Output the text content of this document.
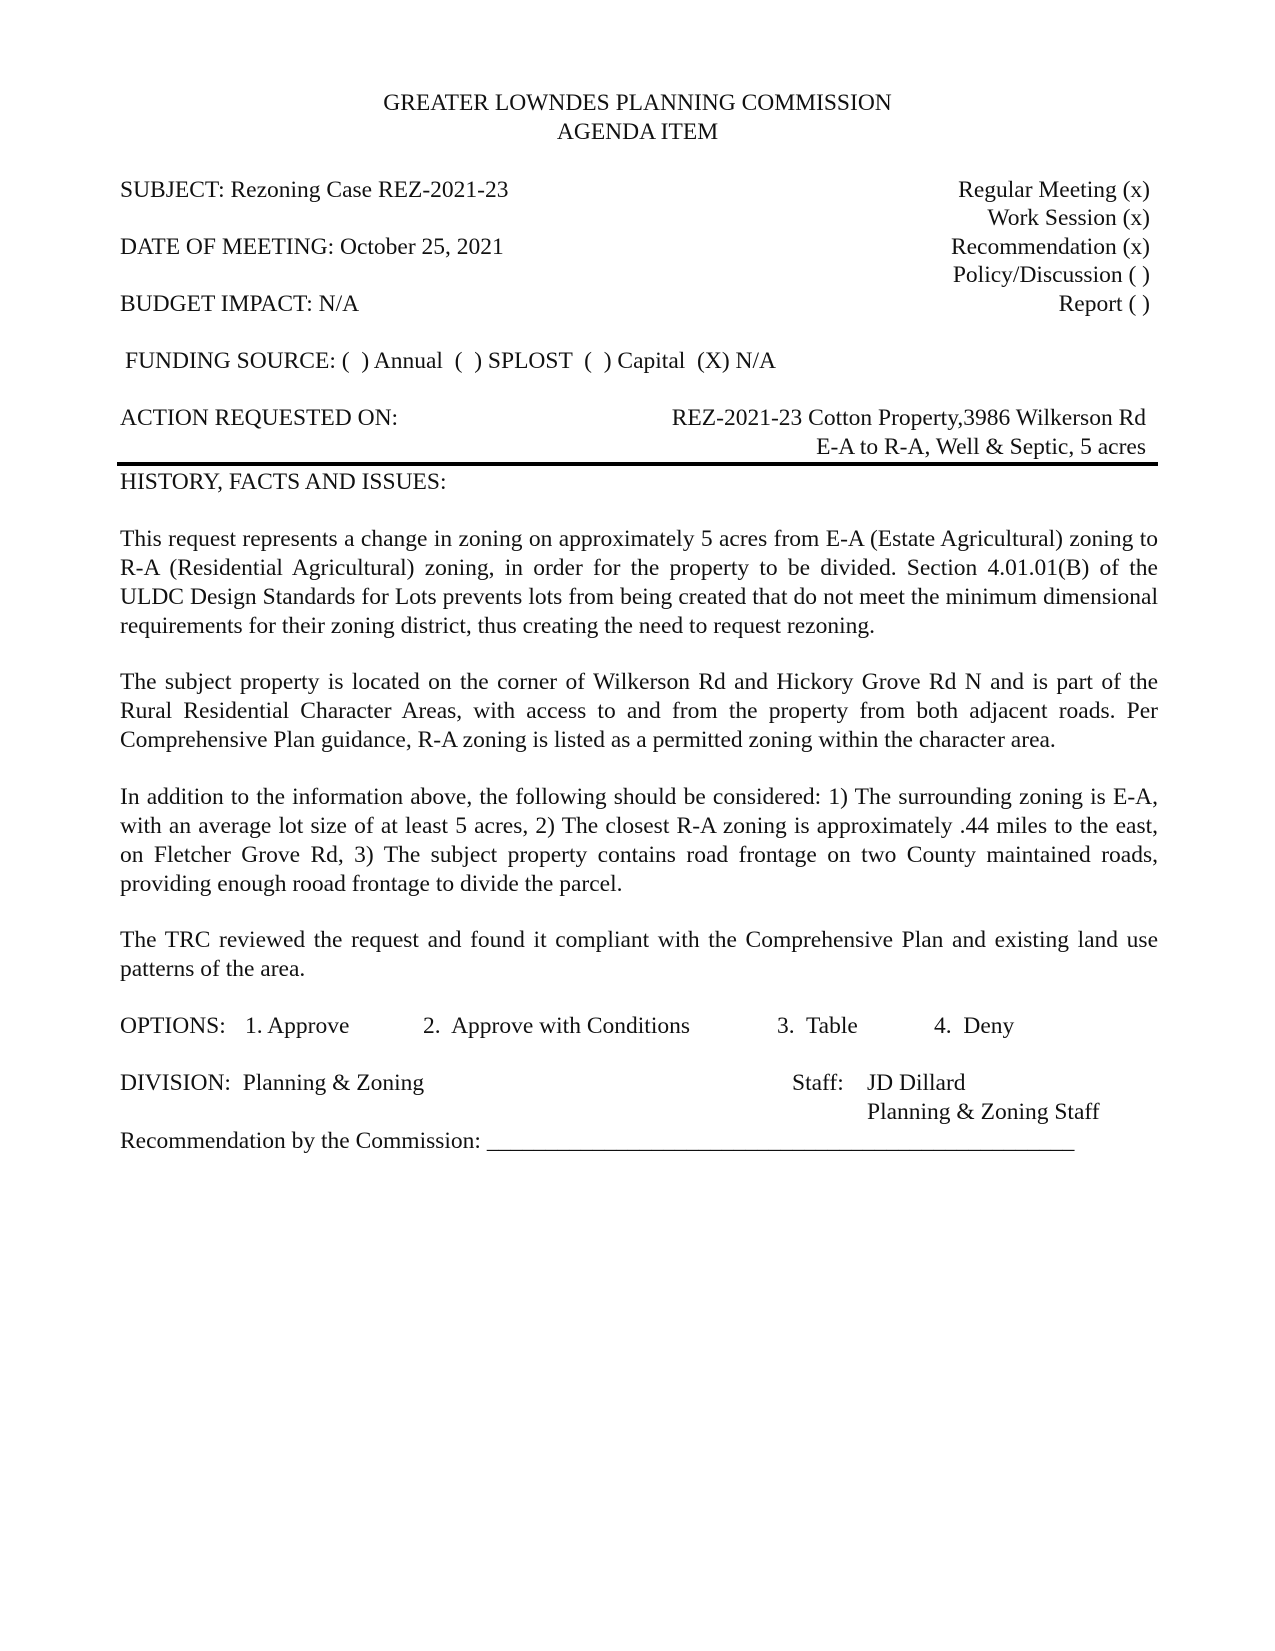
GREATER LOWNDES PLANNING COMMISSION
AGENDA ITEM
SUBJECT: Rezoning Case REZ-2021-23
DATE OF MEETING: October 25, 2021
BUDGET IMPACT: N/A
Regular Meeting (x)
Work Session (x)
Recommendation (x)
Policy/Discussion ( )
Report ( )
FUNDING SOURCE: (  ) Annual  (  ) SPLOST  (  ) Capital  (X) N/A
ACTION REQUESTED ON:	REZ-2021-23 Cotton Property,3986 Wilkerson Rd
E-A to R-A, Well & Septic, 5 acres
HISTORY, FACTS AND ISSUES:
This request represents a change in zoning on approximately 5 acres from E-A (Estate Agricultural) zoning to R-A (Residential Agricultural) zoning, in order for the property to be divided. Section 4.01.01(B) of the ULDC Design Standards for Lots prevents lots from being created that do not meet the minimum dimensional requirements for their zoning district, thus creating the need to request rezoning.
The subject property is located on the corner of Wilkerson Rd and Hickory Grove Rd N and is part of the Rural Residential Character Areas, with access to and from the property from both adjacent roads. Per Comprehensive Plan guidance, R-A zoning is listed as a permitted zoning within the character area.
In addition to the information above, the following should be considered: 1) The surrounding zoning is E-A, with an average lot size of at least 5 acres, 2) The closest R-A zoning is approximately .44 miles to the east, on Fletcher Grove Rd, 3) The subject property contains road frontage on two County maintained roads, providing enough rooad frontage to divide the parcel.
The TRC reviewed the request and found it compliant with the Comprehensive Plan and existing land use patterns of the area.
OPTIONS: 1. Approve	2.  Approve with Conditions	3.  Table	4.  Deny
DIVISION:  Planning & Zoning	Staff: JD Dillard
Planning & Zoning Staff
Recommendation by the Commission: __________________________________________________
